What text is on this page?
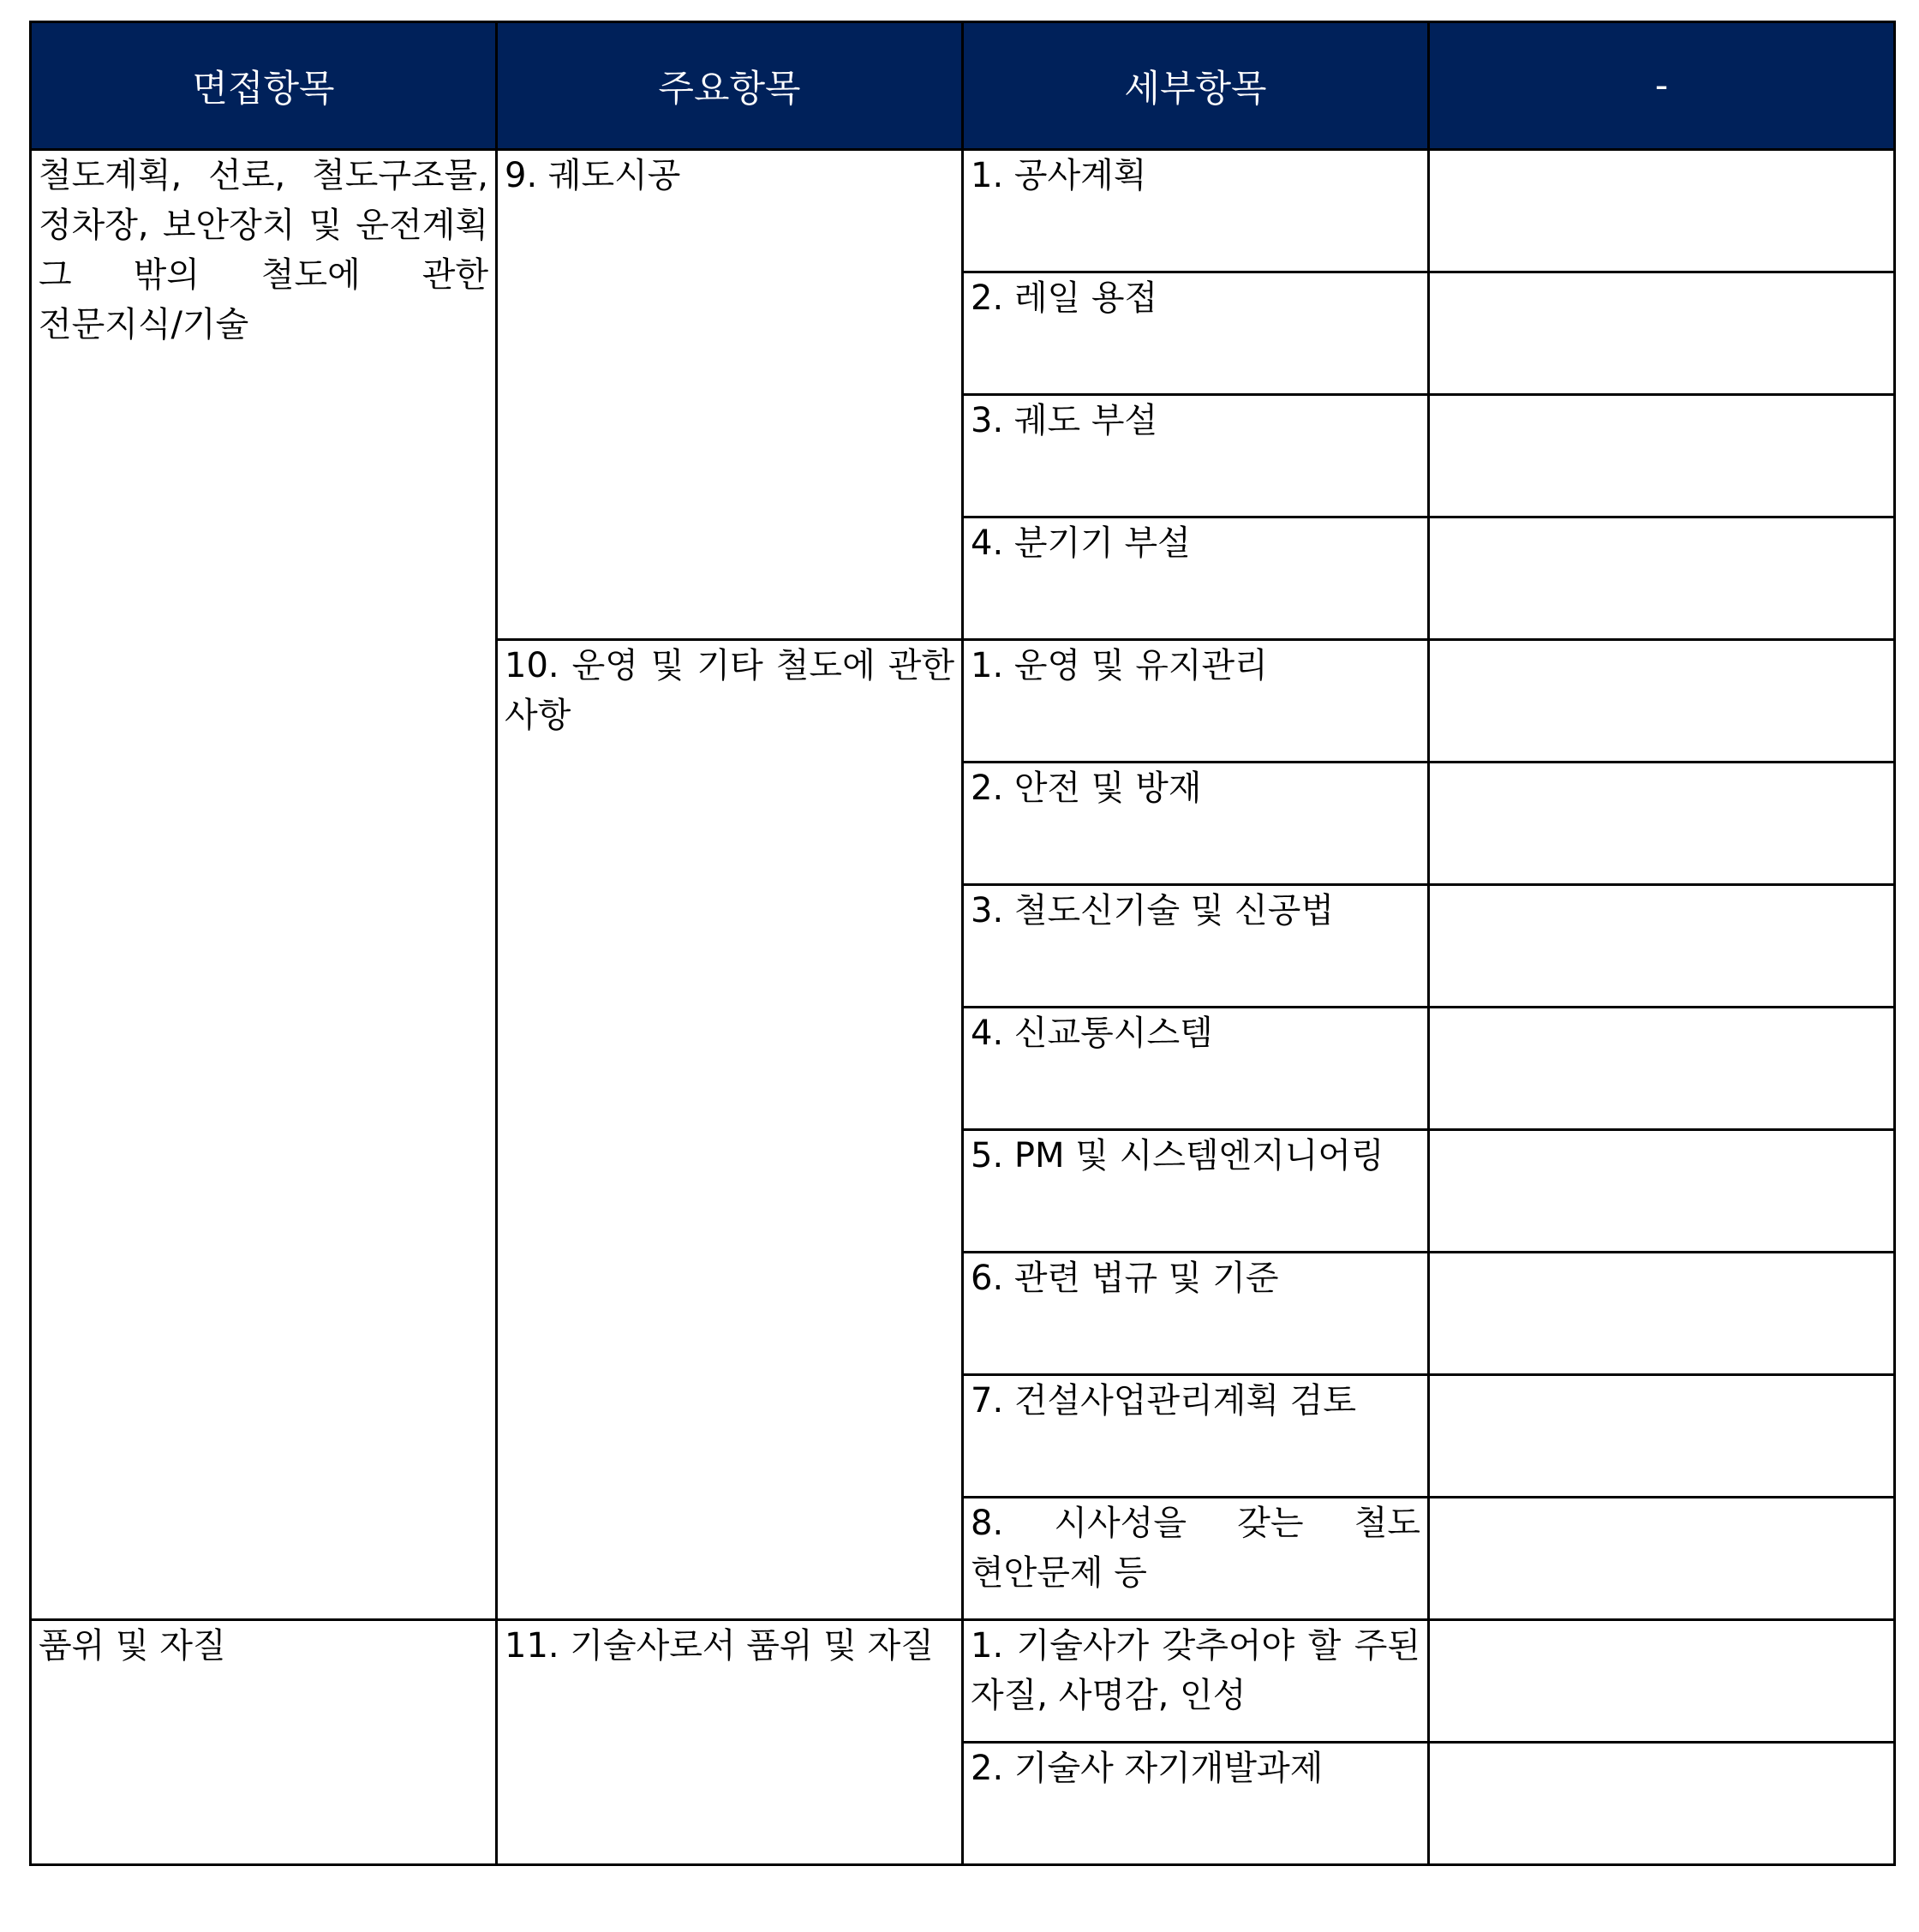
면접항목	주요항목	세부항목	-
철도계획, 선로, 철도구조물, 정차장, 보안장치 및 운전계획 그 밖의 철도에 관한 전문지식/기술	9. 궤도시공	1. 공사계획	
		2. 레일 용접	
		3. 궤도 부설	
		4. 분기기 부설	
	10. 운영 및 기타 철도에 관한 사항	1. 운영 및 유지관리	
		2. 안전 및 방재	
		3. 철도신기술 및 신공법	
		4. 신교통시스템	
		5. PM 및 시스템엔지니어링	
		6. 관련 법규 및 기준	
		7. 건설사업관리계획 검토	
		8. 시사성을 갖는 철도 현안문제 등	
품위 및 자질	11. 기술사로서 품위 및 자질	1. 기술사가 갖추어야 할 주된 자질, 사명감, 인성	
		2. 기술사 자기개발과제	
